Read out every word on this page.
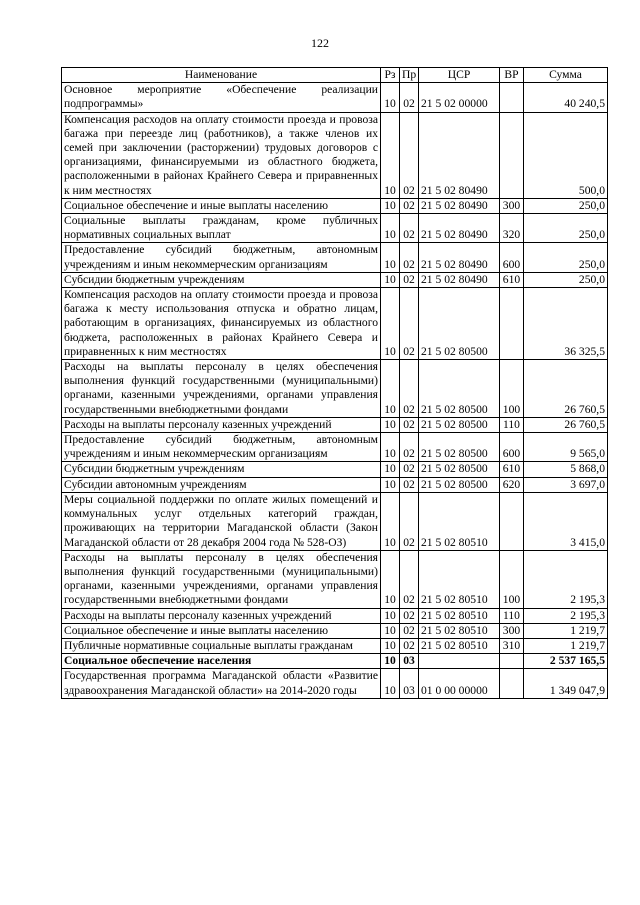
122
Наименование	Рз	Пр	ЦСР	ВР	Сумма
Основное мероприятие «Обеспечение реализации подпрограммы»	10	02	21 5 02 00000		40 240,5
Компенсация расходов на оплату стоимости проезда и провоза багажа при переезде лиц (работников), а также членов их семей при заключении (расторжении) трудовых договоров с организациями, финансируемыми из областного бюджета, расположенными в районах Крайнего Севера и приравненных к ним местностях	10	02	21 5 02 80490		500,0
Социальное обеспечение и иные выплаты населению	10	02	21 5 02 80490	300	250,0
Социальные выплаты гражданам, кроме публичных нормативных социальных выплат	10	02	21 5 02 80490	320	250,0
Предоставление субсидий бюджетным, автономным учреждениям и иным некоммерческим организациям	10	02	21 5 02 80490	600	250,0
Субсидии бюджетным учреждениям	10	02	21 5 02 80490	610	250,0
Компенсация расходов на оплату стоимости проезда и провоза багажа к месту использования отпуска и обратно лицам, работающим в организациях, финансируемых из областного бюджета, расположенных в районах Крайнего Севера и приравненных к ним местностях	10	02	21 5 02 80500		36 325,5
Расходы на выплаты персоналу в целях обеспечения выполнения функций государственными (муниципальными) органами, казенными учреждениями, органами управления государственными внебюджетными фондами	10	02	21 5 02 80500	100	26 760,5
Расходы на выплаты персоналу казенных учреждений	10	02	21 5 02 80500	110	26 760,5
Предоставление субсидий бюджетным, автономным учреждениям и иным некоммерческим организациям	10	02	21 5 02 80500	600	9 565,0
Субсидии бюджетным учреждениям	10	02	21 5 02 80500	610	5 868,0
Субсидии автономным учреждениям	10	02	21 5 02 80500	620	3 697,0
Меры социальной поддержки по оплате жилых помещений и коммунальных услуг отдельных категорий граждан, проживающих на территории Магаданской области (Закон Магаданской области от 28 декабря 2004 года № 528-ОЗ)	10	02	21 5 02 80510		3 415,0
Расходы на выплаты персоналу в целях обеспечения выполнения функций государственными (муниципальными) органами, казенными учреждениями, органами управления государственными внебюджетными фондами	10	02	21 5 02 80510	100	2 195,3
Расходы на выплаты персоналу казенных учреждений	10	02	21 5 02 80510	110	2 195,3
Социальное обеспечение и иные выплаты населению	10	02	21 5 02 80510	300	1 219,7
Публичные нормативные социальные выплаты гражданам	10	02	21 5 02 80510	310	1 219,7
Социальное обеспечение населения	10	03			2 537 165,5
Государственная программа Магаданской области «Развитие здравоохранения Магаданской области» на 2014-2020 годы	10	03	01 0 00 00000		1 349 047,9
